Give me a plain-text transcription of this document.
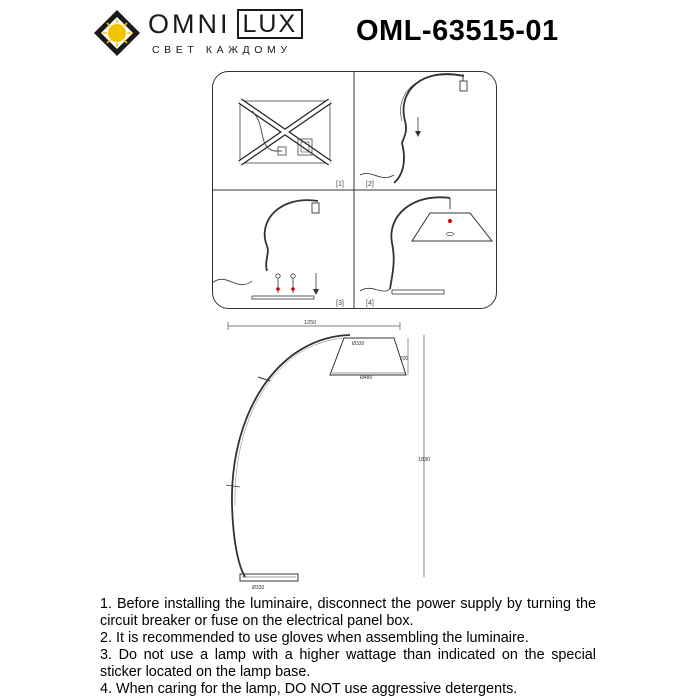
OMNI LUX
СВЕТ КАЖДОМУ
OML-63515-01
[1]	[2]
[3]	[4]
1250
Ø330
Ø480
200
1830
Ø330

1. Before installing the luminaire, disconnect the power supply by turning the circuit breaker or fuse on the electrical panel box.

2. It is recommended to use gloves when assembling the luminaire.

3. Do not use a lamp with a higher wattage than indicated on the special sticker located on the lamp base.

4. When caring for the lamp, DO NOT use aggressive detergents.
